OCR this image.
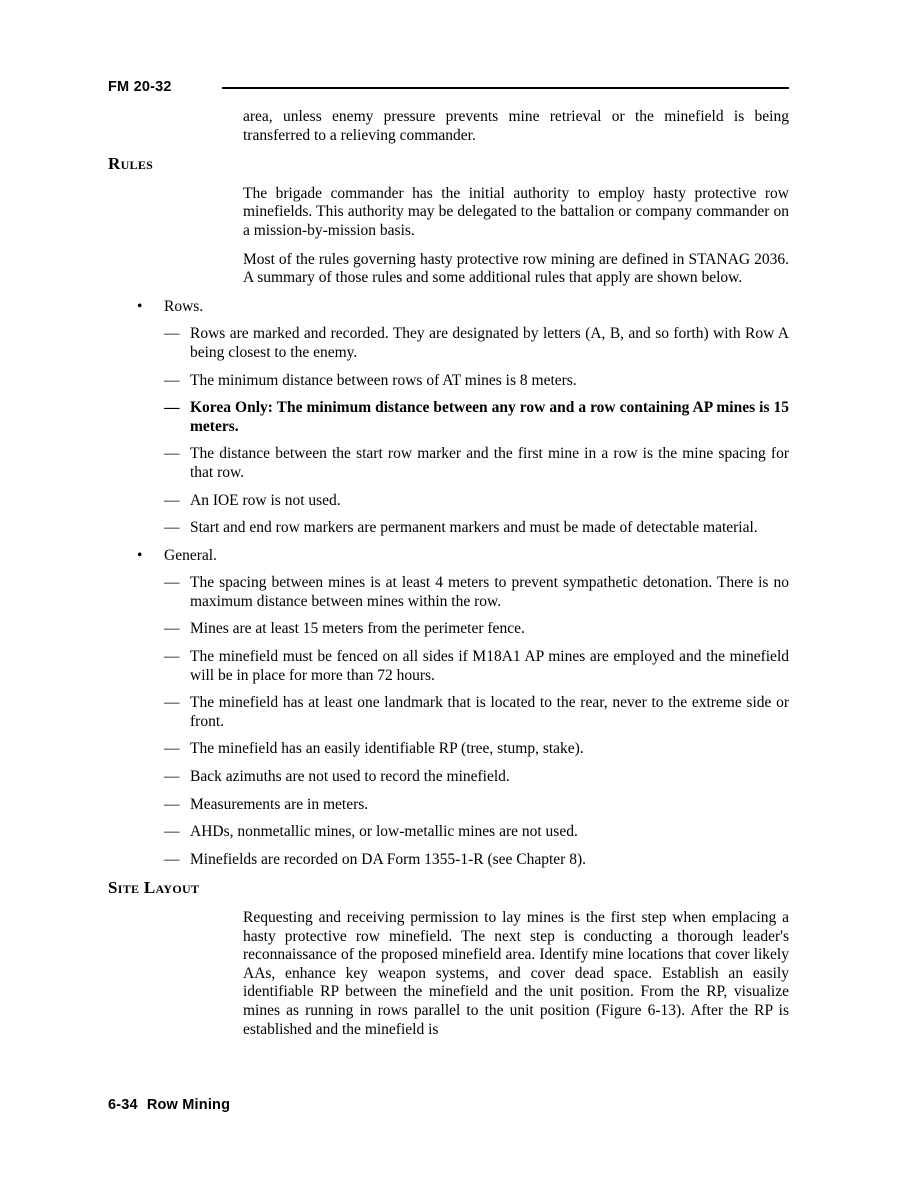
FM 20-32

area, unless enemy pressure prevents mine retrieval or the minefield is being transferred to a relieving commander.

Rules

The brigade commander has the initial authority to employ hasty protective row minefields. This authority may be delegated to the battalion or company commander on a mission-by-mission basis.

Most of the rules governing hasty protective row mining are defined in STANAG 2036. A summary of those rules and some additional rules that apply are shown below.

• Rows.
— Rows are marked and recorded. They are designated by letters (A, B, and so forth) with Row A being closest to the enemy.
— The minimum distance between rows of AT mines is 8 meters.
— Korea Only: The minimum distance between any row and a row containing AP mines is 15 meters.
— The distance between the start row marker and the first mine in a row is the mine spacing for that row.
— An IOE row is not used.
— Start and end row markers are permanent markers and must be made of detectable material.
• General.
— The spacing between mines is at least 4 meters to prevent sympathetic detonation. There is no maximum distance between mines within the row.
— Mines are at least 15 meters from the perimeter fence.
— The minefield must be fenced on all sides if M18A1 AP mines are employed and the minefield will be in place for more than 72 hours.
— The minefield has at least one landmark that is located to the rear, never to the extreme side or front.
— The minefield has an easily identifiable RP (tree, stump, stake).
— Back azimuths are not used to record the minefield.
— Measurements are in meters.
— AHDs, nonmetallic mines, or low-metallic mines are not used.
— Minefields are recorded on DA Form 1355-1-R (see Chapter 8).
Site Layout

Requesting and receiving permission to lay mines is the first step when emplacing a hasty protective row minefield. The next step is conducting a thorough leader's reconnaissance of the proposed minefield area. Identify mine locations that cover likely AAs, enhance key weapon systems, and cover dead space. Establish an easily identifiable RP between the minefield and the unit position. From the RP, visualize mines as running in rows parallel to the unit position (Figure 6-13). After the RP is established and the minefield is

6-34 Row Mining
